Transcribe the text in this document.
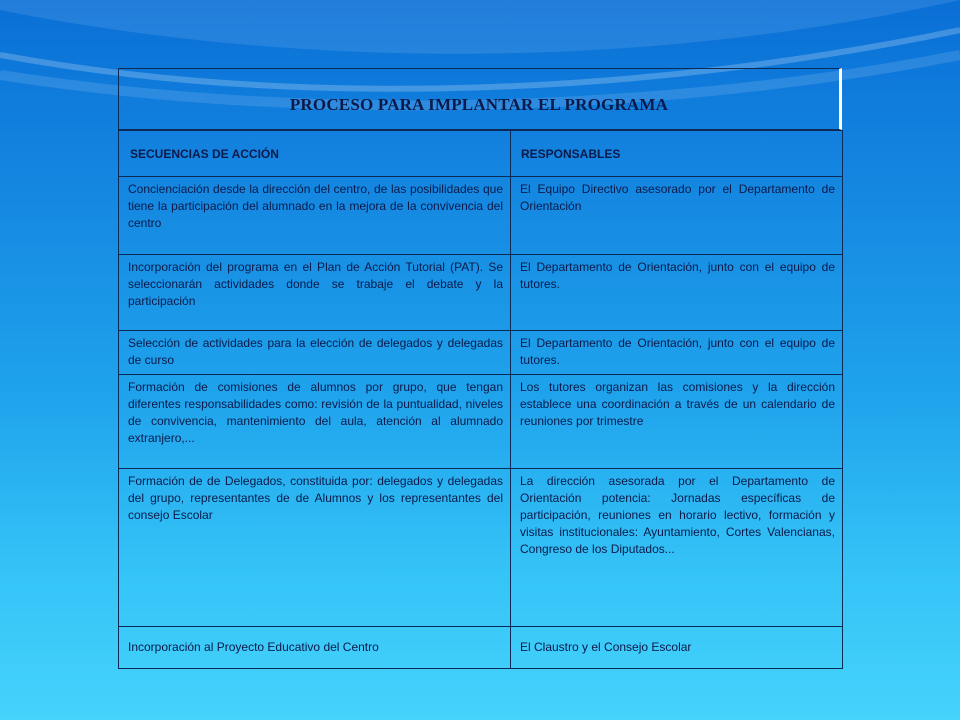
PROCESO PARA IMPLANTAR EL PROGRAMA
SECUENCIAS DE ACCIÓN	RESPONSABLES
Concienciación desde la dirección del centro, de las posibilidades que tiene la participación del alumnado en la mejora de la convivencia del centro	El Equipo Directivo asesorado por el Departamento de Orientación
Incorporación del programa en el Plan de Acción Tutorial (PAT). Se seleccionarán actividades donde se trabaje el debate y la participación	El Departamento de Orientación, junto con el equipo de tutores.
Selección de actividades para la elección de delegados y delegadas de curso	El Departamento de Orientación, junto con el equipo de tutores.
Formación de comisiones de alumnos por grupo, que tengan diferentes responsabilidades como: revisión de la puntualidad, niveles de convivencia, mantenimiento del aula, atención al alumnado extranjero,...	Los tutores organizan las comisiones y la dirección establece una coordinación a través de un calendario de reuniones por trimestre
Formación de de Delegados, constituida por: delegados y delegadas del grupo, representantes de de Alumnos y los representantes del consejo Escolar	La dirección asesorada por el Departamento de Orientación potencia: Jornadas específicas de participación, reuniones en horario lectivo, formación y visitas institucionales: Ayuntamiento, Cortes Valencianas, Congreso de los Diputados...
Incorporación al Proyecto Educativo del Centro	El Claustro y el Consejo Escolar
